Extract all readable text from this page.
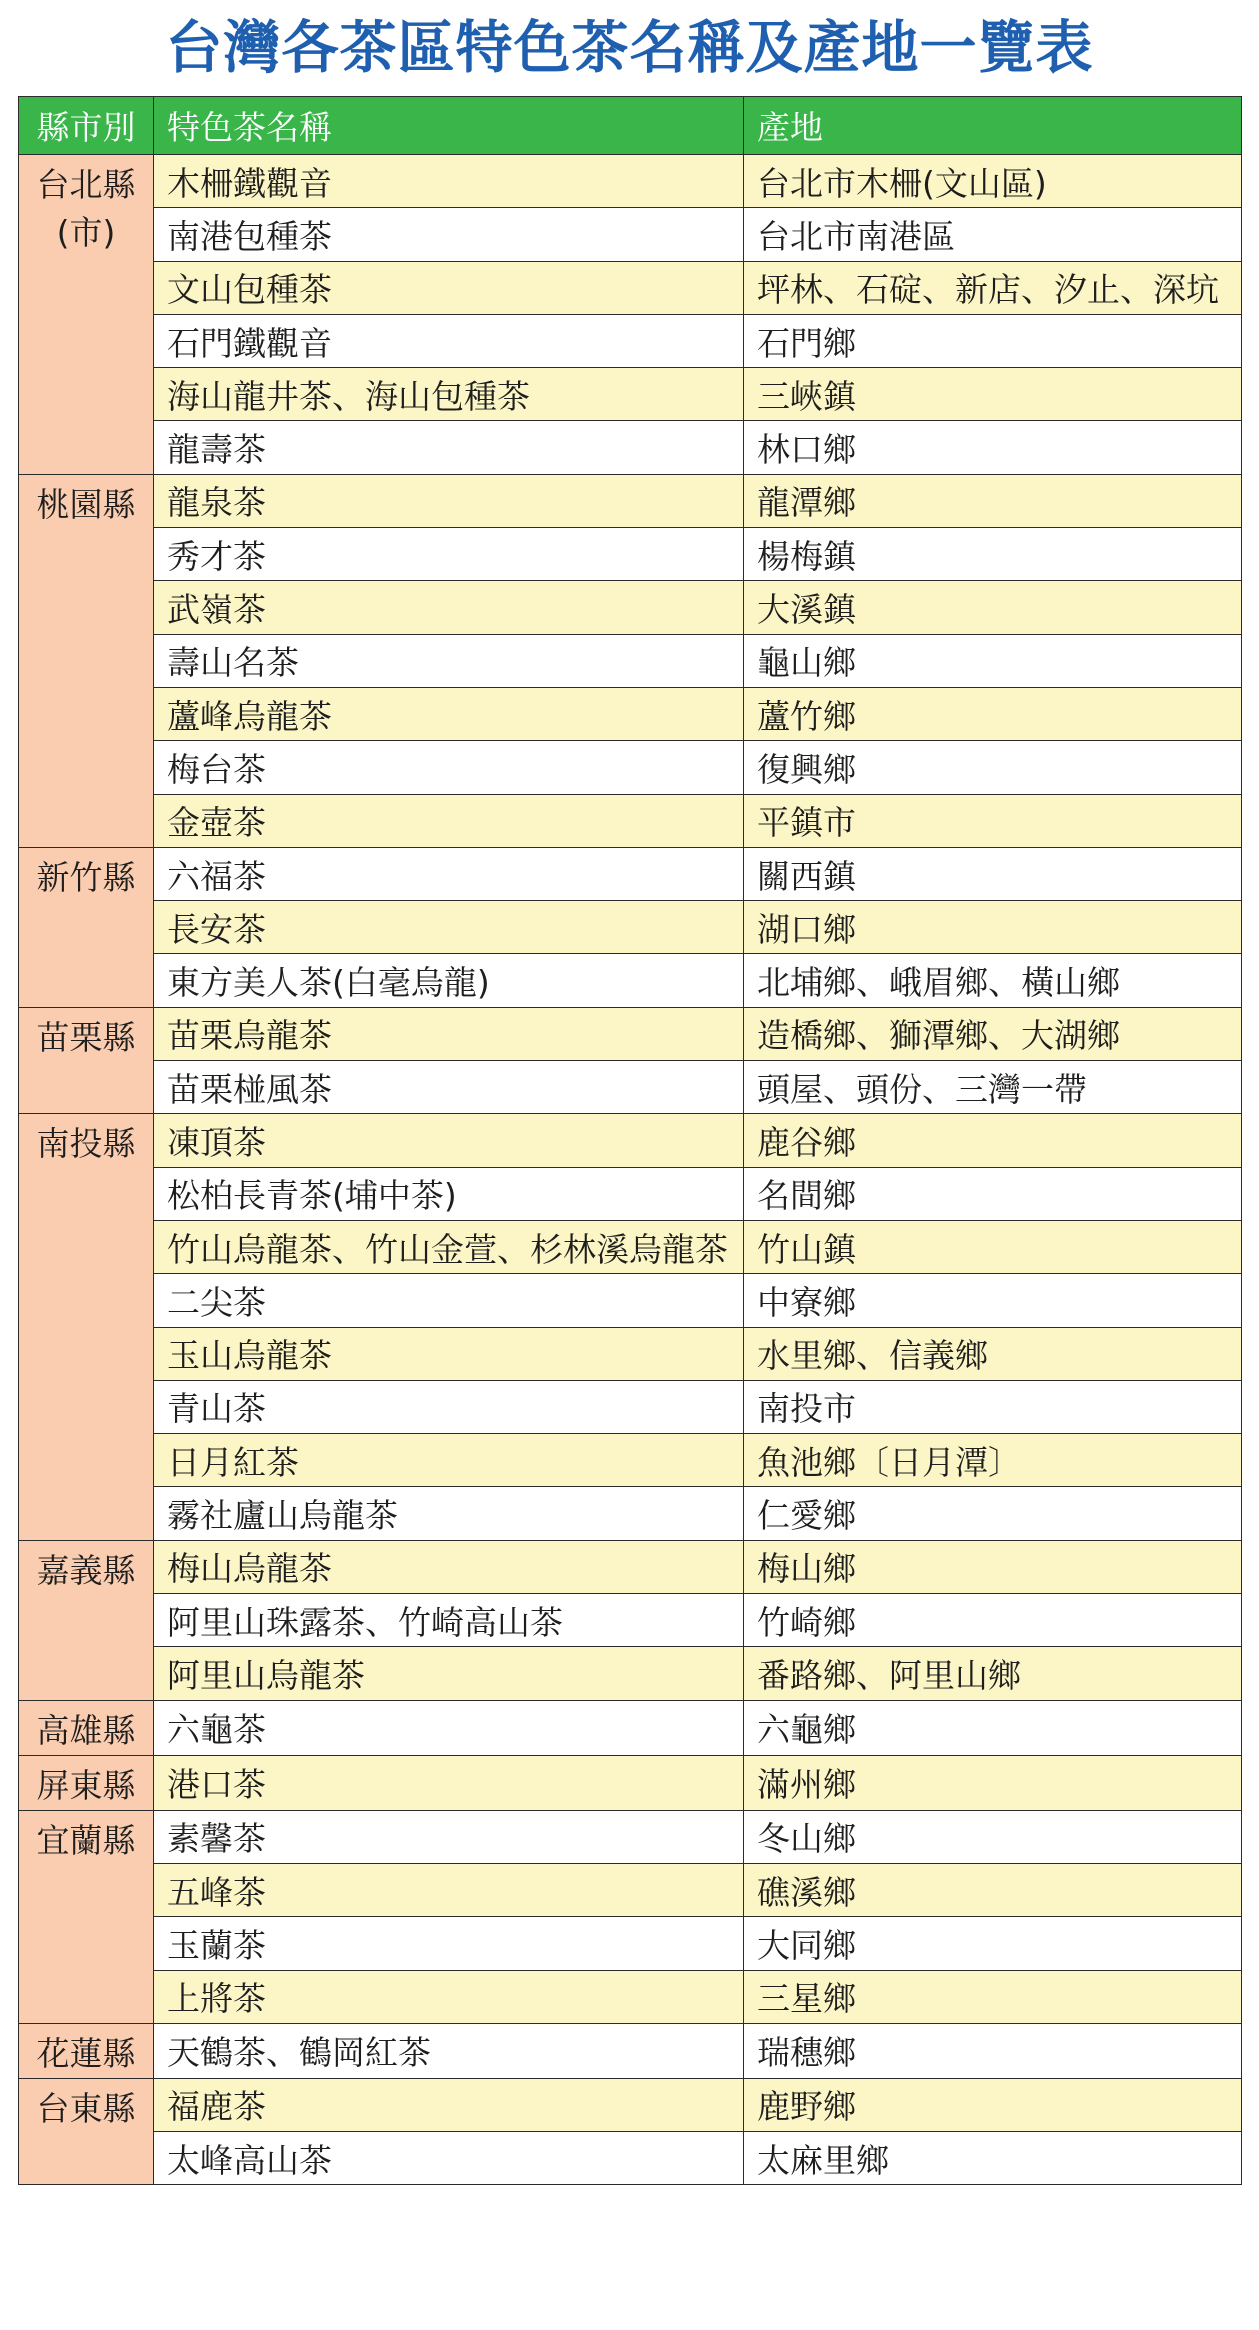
台灣各茶區特色茶名稱及產地一覽表
縣市別	特色茶名稱	產地
台北縣(市)	木柵鐵觀音	台北市木柵(文山區)
	南港包種茶	台北市南港區
	文山包種茶	坪林、石碇、新店、汐止、深坑
	石門鐵觀音	石門鄉
	海山龍井茶、海山包種茶	三峽鎮
	龍壽茶	林口鄉
桃園縣	龍泉茶	龍潭鄉
	秀才茶	楊梅鎮
	武嶺茶	大溪鎮
	壽山名茶	龜山鄉
	蘆峰烏龍茶	蘆竹鄉
	梅台茶	復興鄉
	金壺茶	平鎮市
新竹縣	六福茶	關西鎮
	長安茶	湖口鄉
	東方美人茶(白毫烏龍)	北埔鄉、峨眉鄉、橫山鄉
苗栗縣	苗栗烏龍茶	造橋鄉、獅潭鄉、大湖鄉
	苗栗椪風茶	頭屋、頭份、三灣一帶
南投縣	凍頂茶	鹿谷鄉
	松柏長青茶(埔中茶)	名間鄉
	竹山烏龍茶、竹山金萱、杉林溪烏龍茶	竹山鎮
	二尖茶	中寮鄉
	玉山烏龍茶	水里鄉、信義鄉
	青山茶	南投市
	日月紅茶	魚池鄉〔日月潭〕
	霧社廬山烏龍茶	仁愛鄉
嘉義縣	梅山烏龍茶	梅山鄉
	阿里山珠露茶、竹崎高山茶	竹崎鄉
	阿里山烏龍茶	番路鄉、阿里山鄉
高雄縣	六龜茶	六龜鄉
屏東縣	港口茶	滿州鄉
宜蘭縣	素馨茶	冬山鄉
	五峰茶	礁溪鄉
	玉蘭茶	大同鄉
	上將茶	三星鄉
花蓮縣	天鶴茶、鶴岡紅茶	瑞穗鄉
台東縣	福鹿茶	鹿野鄉
	太峰高山茶	太麻里鄉
